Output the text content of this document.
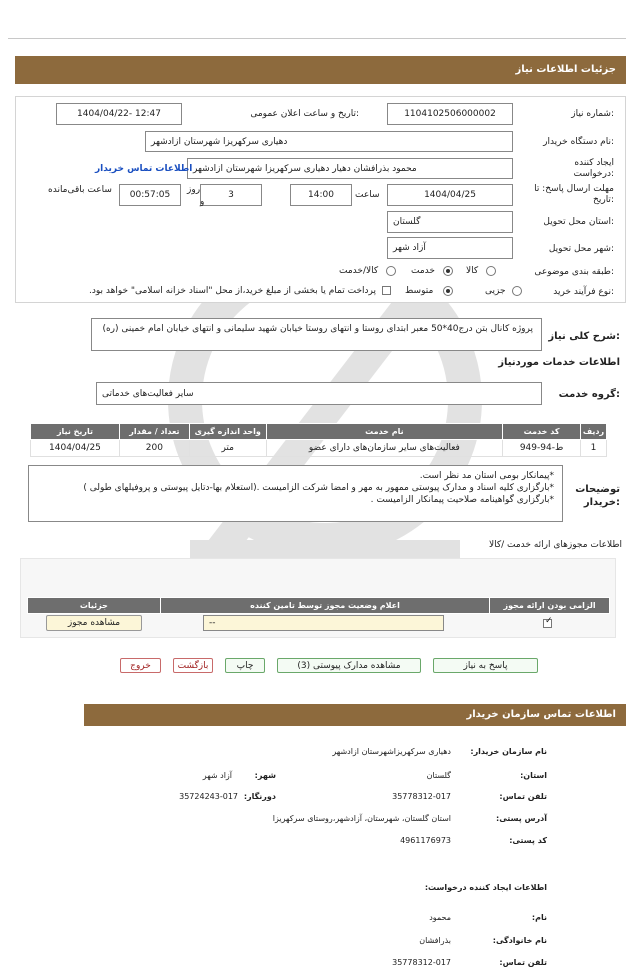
جزئیات اطلاعات نیاز
شماره نیاز:
1104102506000002
تاریخ و ساعت اعلان عمومی:
1404/04/22- 12:47
نام دستگاه خریدار:
دهیاری سرکهریزا شهرستان ازادشهر
ایجاد کننده
درخواست:
محمود بذرافشان دهیار دهیاری سرکهریزا شهرستان ازادشهر
اطلاعات تماس خریدار
مهلت ارسال پاسخ: تا
تاریخ:
1404/04/25
ساعت
14:00
3
روز
و
00:57:05
ساعت باقی‌مانده
استان محل تحویل:
گلستان
شهر محل تحویل:
آزاد شهر
طبقه بندی موضوعی:
کالا
خدمت
کالا/خدمت
نوع فرآیند خرید:
جزیی
متوسط
پرداخت تمام یا بخشی از مبلغ خرید،از محل "اسناد خزانه اسلامی" خواهد بود.
شرح کلی نیاز:
پروژه کانال بتن درج40*50 معبر ابتدای روستا و انتهای روستا خیابان شهید سلیمانی و انتهای خیابان امام خمینی (ره)
اطلاعات خدمات موردنیاز
گروه خدمت:
سایر فعالیت‌های خدماتی
ردیف	کد خدمت	نام خدمت	واحد اندازه گیری	تعداد / مقدار	تاریخ نیاز
1	ط-94-949	فعالیت‌های سایر سازمان‌های دارای عضو	متر	200	1404/04/25
توضیحات
خریدار:
*پیمانکار بومی استان مد نظر است.
*بارگزاری کلیه اسناد و مدارک پیوستی ممهور به مهر و امضا شرکت الزامیست .(استعلام بها-دتایل پیوستی و پروفیلهای طولی )
*بارگزاری گواهینامه صلاحیت پیمانکار الزامیست .
اطلاعات مجوزهای ارائه خدمت /کالا
الزامی بودن ارائه مجوز	اعلام وضعیت مجوز توسط تامین کننده	جزئیات
✓
--
مشاهده مجوز
پاسخ به نیاز
مشاهده مدارک پیوستی (3)
چاپ
بازگشت
خروج
اطلاعات تماس سازمان خریدار
نام سازمان خریدار:
دهیاری سرکهریزاشهرستان ازادشهر
استان:
گلستان
شهر:
آزاد شهر
تلفن تماس:
35778312-017
دورنگار:
35724243-017
آدرس پستی:
استان گلستان، شهرستان، آزادشهر،روستای سرکهریزا
کد پستی:
4961176973
اطلاعات ایجاد کننده درخواست:
نام:
محمود
نام خانوادگی:
بذرافشان
تلفن تماس:
35778312-017
